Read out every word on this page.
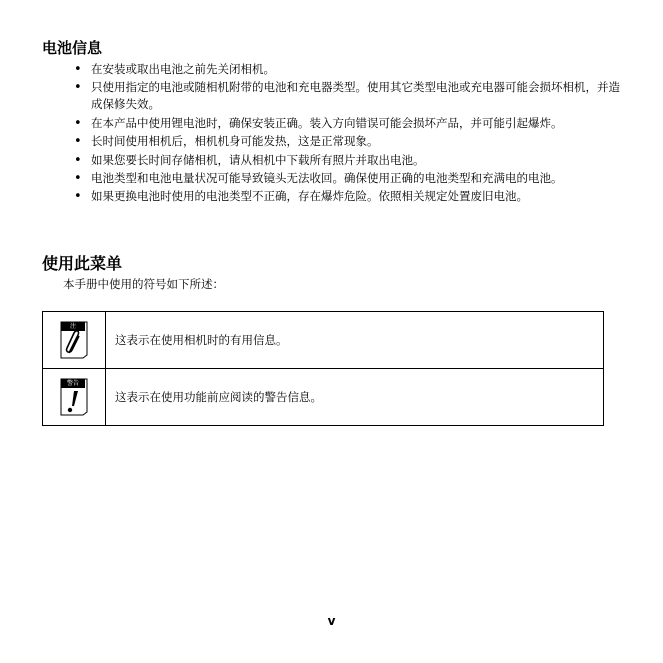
电池信息
• 在安装或取出电池之前先关闭相机。
• 只使用指定的电池或随相机附带的电池和充电器类型。使用其它类型电池或充电器可能会损坏相机，并造成保修失效。
• 在本产品中使用锂电池时，确保安装正确。装入方向错误可能会损坏产品，并可能引起爆炸。
• 长时间使用相机后，相机机身可能发热，这是正常现象。
• 如果您要长时间存储相机，请从相机中下载所有照片并取出电池。
• 电池类型和电池电量状况可能导致镜头无法收回。确保使用正确的电池类型和充满电的电池。
• 如果更换电池时使用的电池类型不正确，存在爆炸危险。依照相关规定处置废旧电池。
使用此菜单

本手册中使用的符号如下所述：

注	这表示在使用相机时的有用信息。

警告	这表示在使用功能前应阅读的警告信息。
v
